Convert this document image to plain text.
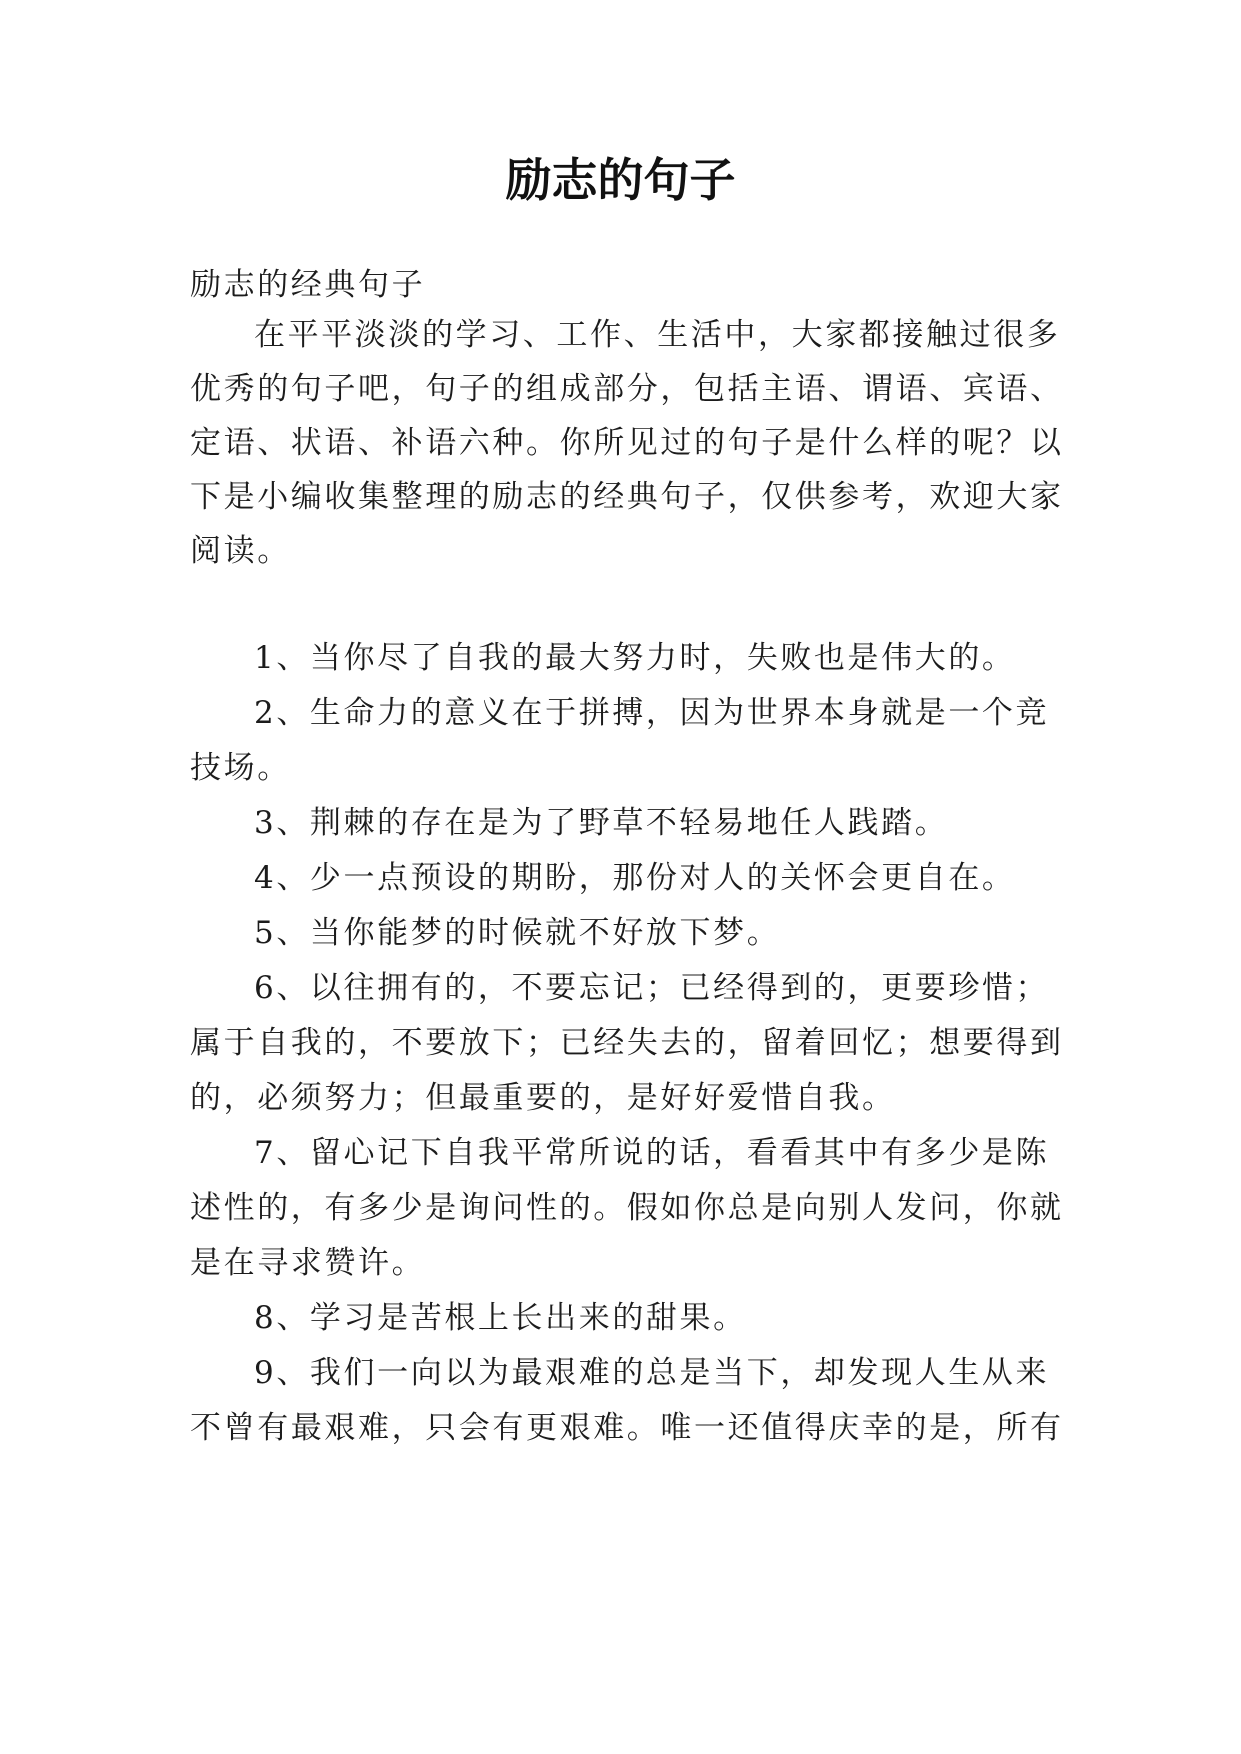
励志的句子

励志的经典句子

在平平淡淡的学习、工作、生活中，大家都接触过很多

优秀的句子吧，句子的组成部分，包括主语、谓语、宾语、

定语、状语、补语六种。你所见过的句子是什么样的呢？以

下是小编收集整理的励志的经典句子，仅供参考，欢迎大家

阅读。

1、当你尽了自我的最大努力时，失败也是伟大的。

2、生命力的意义在于拼搏，因为世界本身就是一个竞

技场。

3、荆棘的存在是为了野草不轻易地任人践踏。

4、少一点预设的期盼，那份对人的关怀会更自在。

5、当你能梦的时候就不好放下梦。

6、以往拥有的，不要忘记；已经得到的，更要珍惜；

属于自我的，不要放下；已经失去的，留着回忆；想要得到

的，必须努力；但最重要的，是好好爱惜自我。

7、留心记下自我平常所说的话，看看其中有多少是陈

述性的，有多少是询问性的。假如你总是向别人发问，你就

是在寻求赞许。

8、学习是苦根上长出来的甜果。

9、我们一向以为最艰难的总是当下，却发现人生从来

不曾有最艰难，只会有更艰难。唯一还值得庆幸的是，所有
